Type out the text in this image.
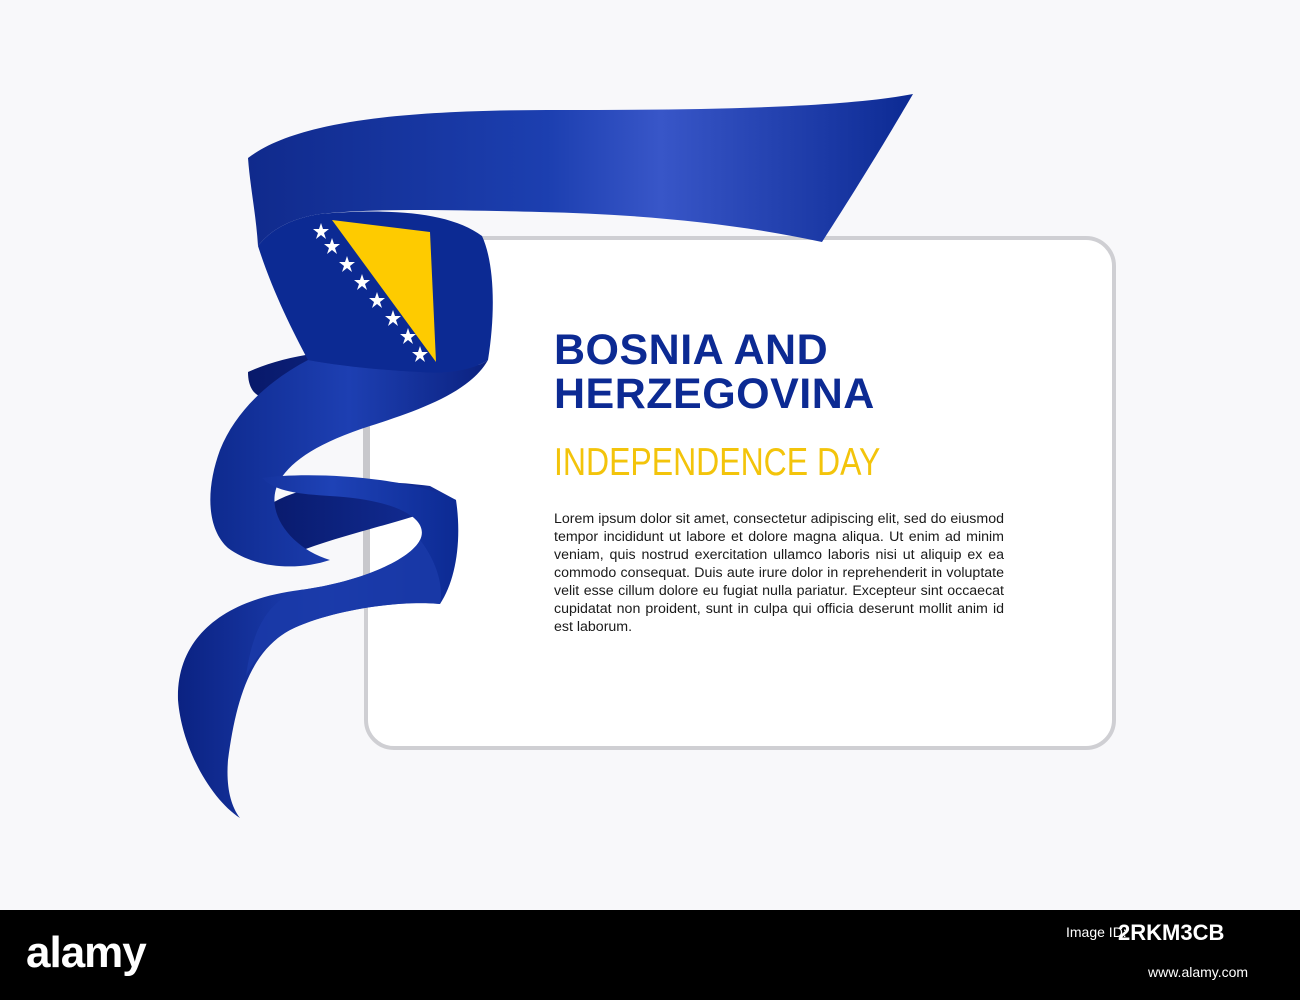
BOSNIA AND
HERZEGOVINA

INDEPENDENCE DAY

Lorem ipsum dolor sit amet, consectetur adipiscing elit, sed do eiusmod tempor incididunt ut labore et dolore magna aliqua. Ut enim ad minim veniam, quis nostrud exercitation ullamco laboris nisi ut aliquip ex ea commodo consequat. Duis aute irure dolor in reprehenderit in voluptate velit esse cillum dolore eu fugiat nulla pariatur. Excepteur sint occaecat cupidatat non proident, sunt in culpa qui officia deserunt mollit anim id est laborum.

alamy	Image ID:
2RKM3CB
www.alamy.com
